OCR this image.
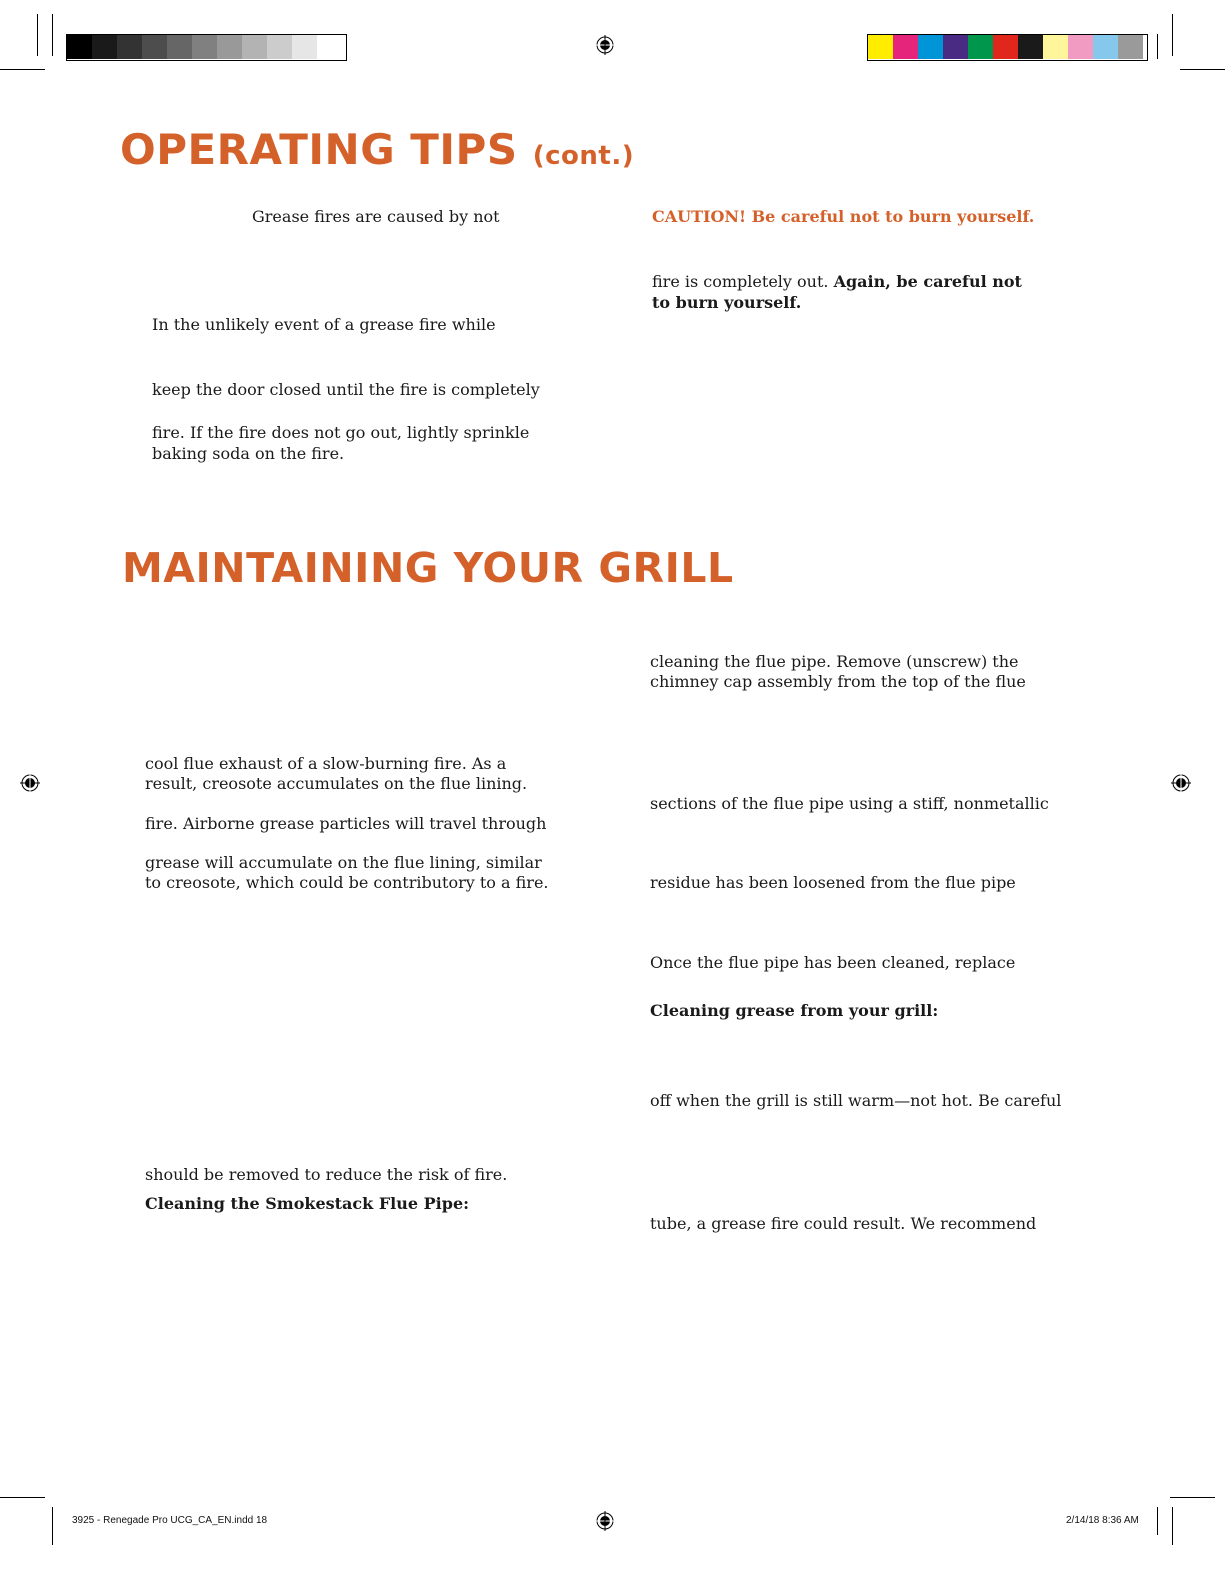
OPERATING TIPS (cont.)
Grease fires are caused by not
In the unlikely event of a grease fire while
keep the door closed until the fire is completely
fire. If the fire does not go out, lightly sprinkle
baking soda on the fire.
CAUTION! Be careful not to burn yourself.
fire is completely out. Again, be careful not
to burn yourself.
MAINTAINING YOUR GRILL
cool flue exhaust of a slow-burning fire. As a
result, creosote accumulates on the flue lining.
fire. Airborne grease particles will travel through
grease will accumulate on the flue lining, similar
to creosote, which could be contributory to a fire.
should be removed to reduce the risk of fire.
Cleaning the Smokestack Flue Pipe:
cleaning the flue pipe. Remove (unscrew) the
chimney cap assembly from the top of the flue
sections of the flue pipe using a stiff, nonmetallic
residue has been loosened from the flue pipe
Once the flue pipe has been cleaned, replace
Cleaning grease from your grill:
off when the grill is still warm—not hot. Be careful
tube, a grease fire could result. We recommend
3925 - Renegade Pro UCG_CA_EN.indd 18	2/14/18 8:36 AM
